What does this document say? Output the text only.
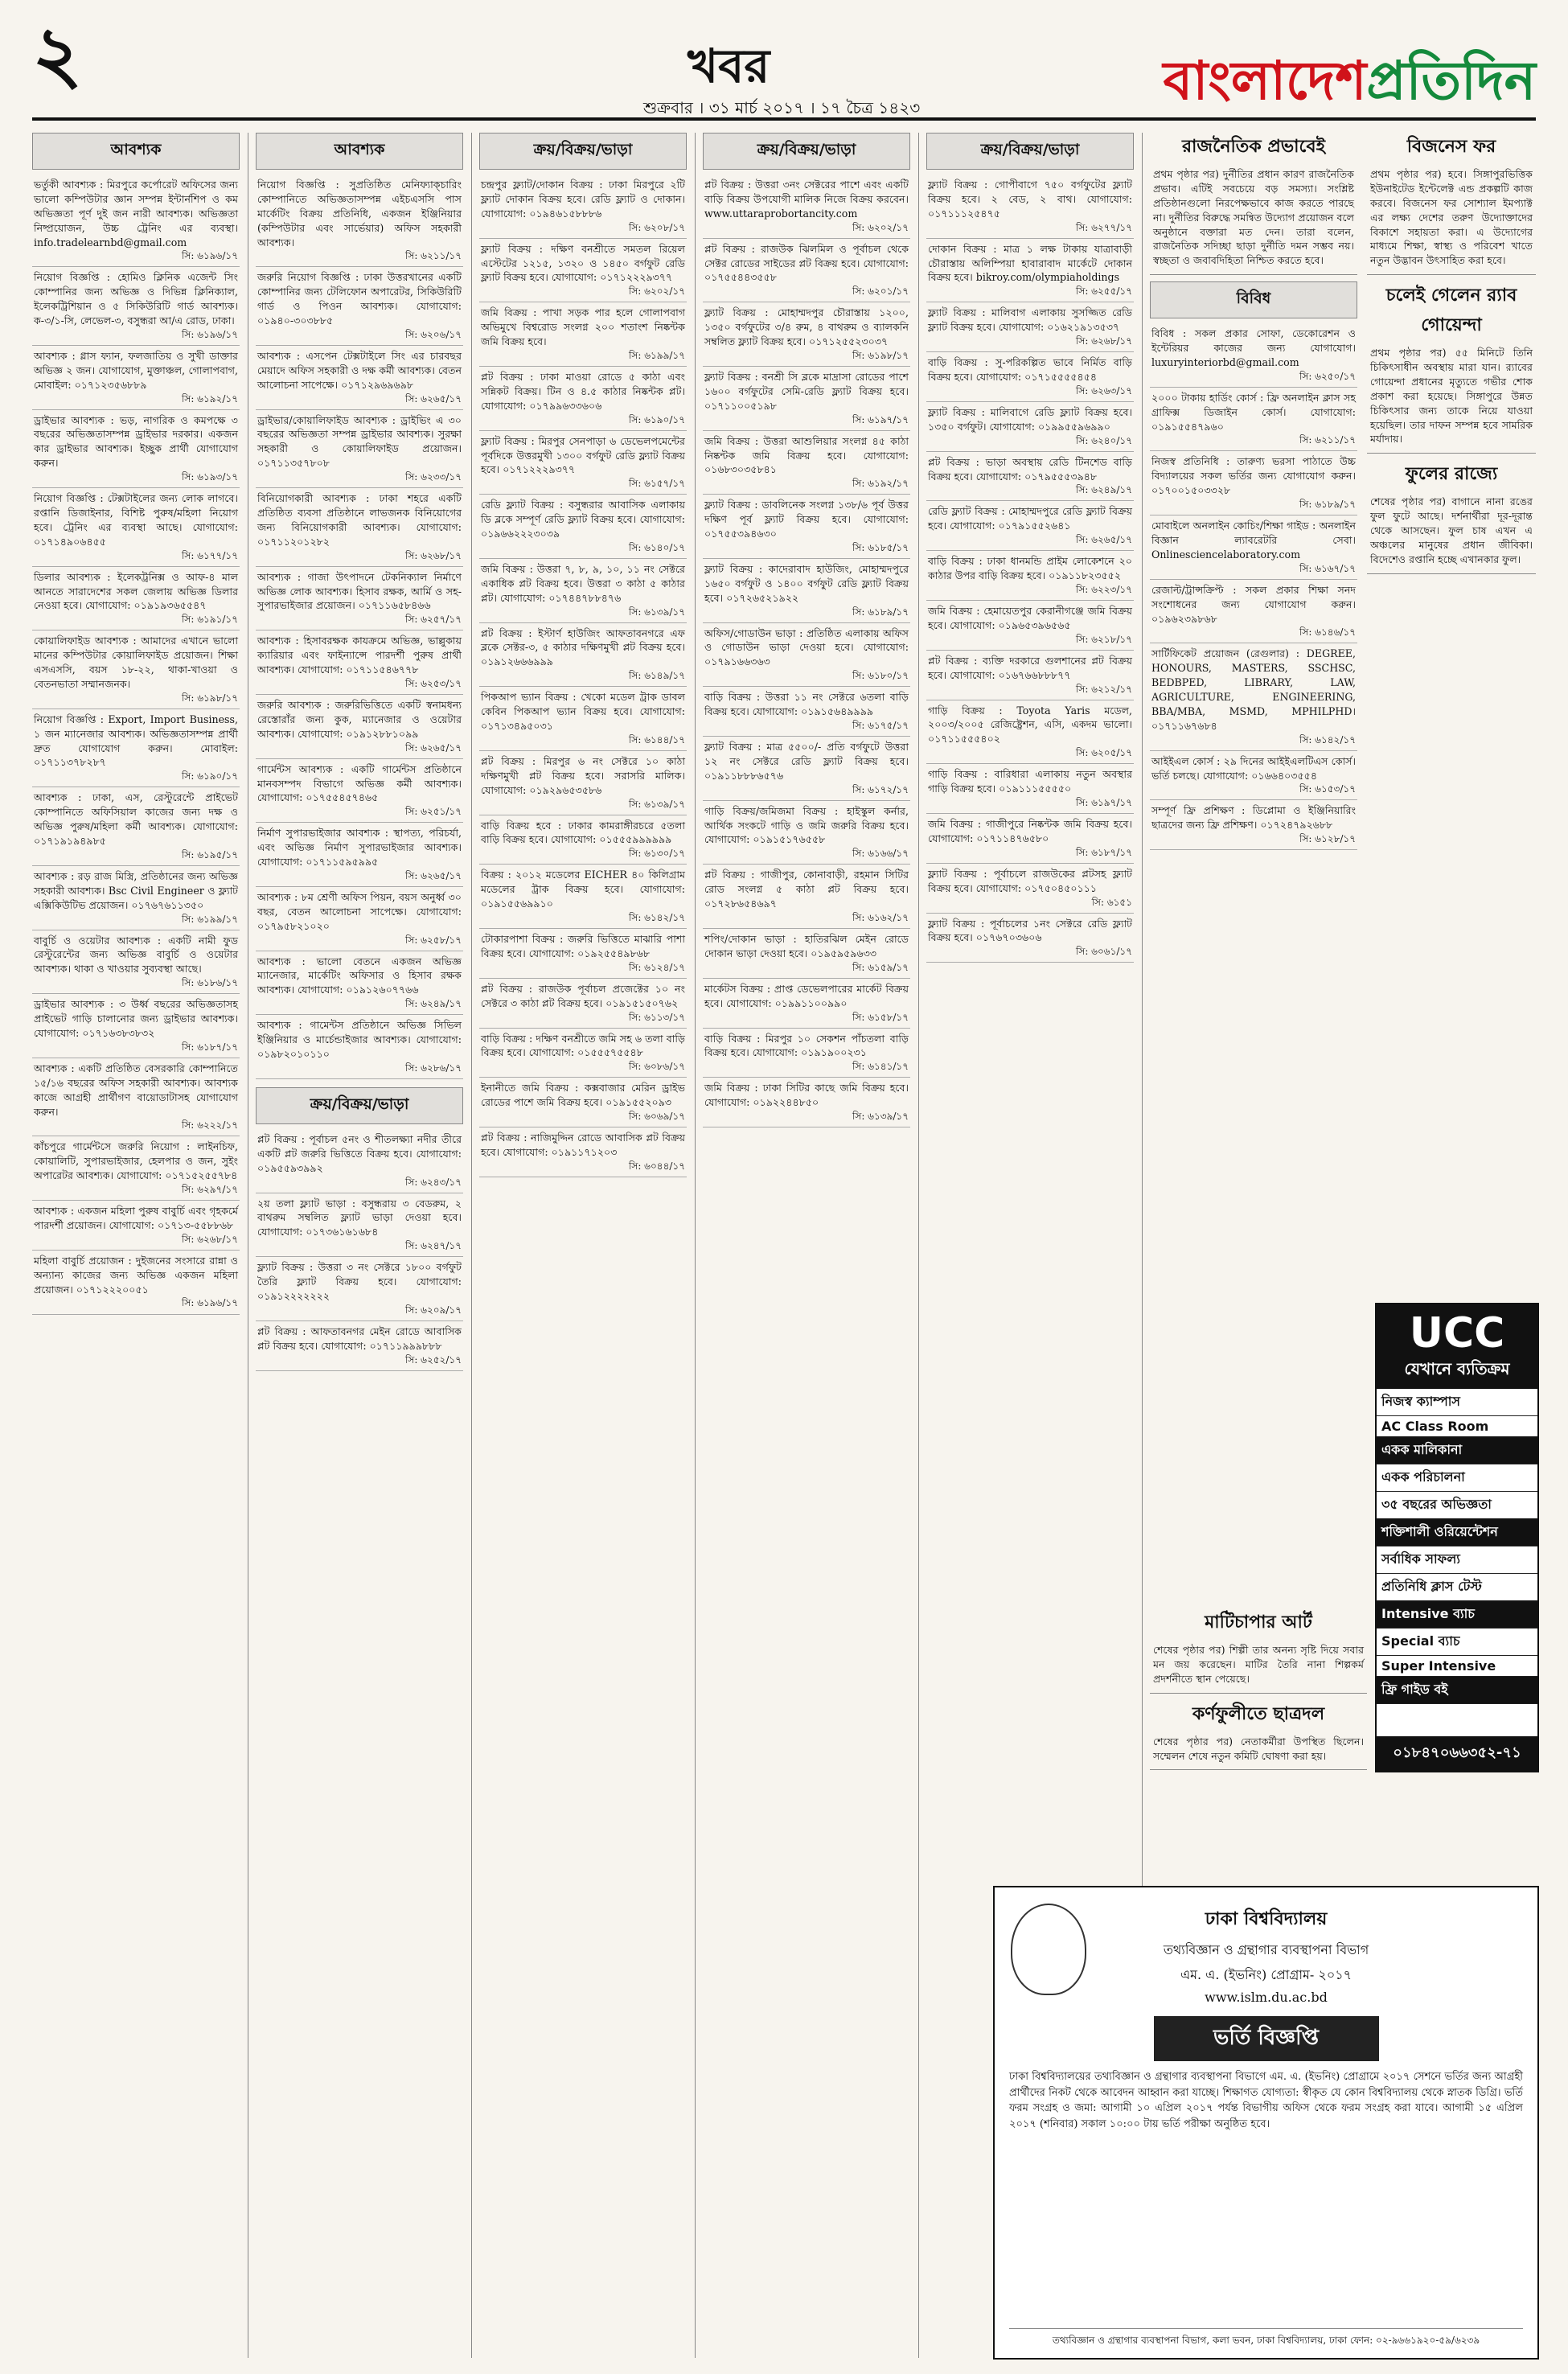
২	খবর
শুক্রবার । ৩১ মার্চ ২০১৭ । ১৭ চৈত্র ১৪২৩	বাংলাদেশপ্রতিদিন
আবশ্যক
ভর্তুকী আবশ্যক : মিরপুরে কর্পোরেট অফিসের জন্য ভালো কম্পিউটার জ্ঞান সম্পন্ন ইন্টার্নশিপ ও কম অভিজ্ঞতা পূর্ণ দুই জন নারী আবশ্যক। অভিজ্ঞতা নিষ্প্রয়োজন, উচ্চ ট্রেনিং এর ব্যবস্থা। info.tradelearnbd@gmail.com
সি: ৬১৯৬/১৭
নিয়োগ বিজ্ঞপ্তি : হোমিও ক্লিনিক এজেন্ট সিং কোম্পানির জন্য অভিজ্ঞ ও দিভিন্ন ক্লিনিক্যাল, ইলেকট্রিশিয়ান ও ৫ সিকিউরিটি গার্ড আবশ্যক। ক-৩/১-সি, লেভেল-৩, বসুন্ধরা আ/এ রোড, ঢাকা।
সি: ৬১৯৬/১৭
আবশ্যক : গ্লাস ফ্যান, ফলজাতিয় ও সুখী ডাক্তার অভিজ্ঞ ২ জন। যোগাযোগ, মুক্তাঞ্চল, গোলাপবাগ, মোবাইল: ০১৭১২৩৫৬৮৮৯
সি: ৬১৯২/১৭
ড্রাইভার আবশ্যক : ভড়, নাগরিক ও কমপক্ষে ৩ বছরের অভিজ্ঞতাসম্পন্ন ড্রাইভার দরকার। একজন কার ড্রাইভার আবশ্যক। ইচ্ছুক প্রার্থী যোগাযোগ করুন।
সি: ৬১৯৩/১৭
নিয়োগ বিজ্ঞপ্তি : টেক্সটাইলের জন্য লোক লাগবে। রপ্তানি ডিজাইনার, বিশিষ্ট পুরুষ/মহিলা নিয়োগ হবে। ট্রেনিং এর ব্যবস্থা আছে। যোগাযোগ: ০১৭১৪৯০৬৪৫৫
সি: ৬১৭৭/১৭
ডিলার আবশ্যক : ইলেকট্রনিক্স ও আফ-৪ মাল আনতে সারাদেশের সকল জেলায় অভিজ্ঞ ডিলার নেওয়া হবে। যোগাযোগ: ০১৯১৯৩৬৫৫৪৭
সি: ৬১৯১/১৭
কোয়ালিফাইড আবশ্যক : আমাদের এখানে ভালো মানের কম্পিউটার কোয়ালিফাইড প্রয়োজন। শিক্ষা এসএসসি, বয়স ১৮-২২, থাকা-খাওয়া ও বেতনভাতা সম্মানজনক।
সি: ৬১৯৮/১৭
নিয়োগ বিজ্ঞপ্তি : Export, Import Business, ১ জন ম্যানেজার আবশ্যক। অভিজ্ঞতাসম্পন্ন প্রার্থী দ্রুত যোগাযোগ করুন। মোবাইল: ০১৭১১৩৭৮২৮৭
সি: ৬১৯০/১৭
আবশ্যক : ঢাকা, এস, রেস্টুরেন্টে প্রাইভেট কোম্পানিতে অফিসিয়াল কাজের জন্য দক্ষ ও অভিজ্ঞ পুরুষ/মহিলা কর্মী আবশ্যক। যোগাযোগ: ০১৭১৯১৯৪৯৮৫
সি: ৬১৯৫/১৭
আবশ্যক : রড় রাজ মিস্ত্রি, প্রতিষ্ঠানের জন্য অভিজ্ঞ সহকারী আবশ্যক। Bsc Civil Engineer ও ফ্ল্যাট এক্সিকিউটিভ প্রয়োজন। ০১৭৬৭৬১১৩৫০
সি: ৬১৯৯/১৭
বাবুর্চি ও ওয়েটার আবশ্যক : একটি নামী ফুড রেস্টুরেন্টের জন্য অভিজ্ঞ বাবুর্চি ও ওয়েটার আবশ্যক। থাকা ও খাওয়ার সুব্যবস্থা আছে।
সি: ৬১৮৬/১৭
ড্রাইভার আবশ্যক : ৩ উর্ধ্ব বছরের অভিজ্ঞতাসহ প্রাইভেট গাড়ি চালানোর জন্য ড্রাইভার আবশ্যক। যোগাযোগ: ০১৭১৬৩৮৩৮৩২
সি: ৬১৮৭/১৭
আবশ্যক : একটি প্রতিষ্ঠিত বেসরকারি কোম্পানিতে ১৫/১৬ বছরের অফিস সহকারী আবশ্যক। আবশ্যক কাজে আগ্রহী প্রার্থীগণ বায়োডাটাসহ যোগাযোগ করুন।
সি: ৬২২২/১৭
কাঁচপুরে গার্মেন্টসে জরুরি নিয়োগ : লাইনচিফ, কোয়ালিটি, সুপারভাইজার, হেলপার ও জন, সুইং অপারেটর আবশ্যক। যোগাযোগ: ০১৭১৫২৫৫৭৮৪
সি: ৬২৯৭/১৭
আবশ্যক : একজন মহিলা পুরুষ বাবুর্চি এবং গৃহকর্মে পারদর্শী প্রয়োজন। যোগাযোগ: ০১৭১৩-৫৫৮৮৬৮
সি: ৬২৬৮/১৭
মহিলা বাবুর্চি প্রয়োজন : দুইজনের সংসারে রান্না ও অন্যান্য কাজের জন্য অভিজ্ঞ একজন মহিলা প্রয়োজন। ০১৭১২২২০০৫১
সি: ৬১৯৬/১৭
আবশ্যক
নিয়োগ বিজ্ঞপ্তি : সুপ্রতিষ্ঠিত মেনিফ্যাক্চারিং কোম্পানিতে অভিজ্ঞতাসম্পন্ন এইচএসসি পাস মার্কেটিং বিক্রয় প্রতিনিধি, একজন ইঞ্জিনিয়ার (কম্পিউটার এবং সার্ভেয়ার) অফিস সহকারী আবশ্যক।
সি: ৬২১১/১৭
জরুরি নিয়োগ বিজ্ঞপ্তি : ঢাকা উত্তরখানের একটি কোম্পানির জন্য টেলিফোন অপারেটর, সিকিউরিটি গার্ড ও পিওন আবশ্যক। যোগাযোগ: ০১৯৪০-৩০৩৮৮৫
সি: ৬২০৬/১৭
আবশ্যক : এসপেন টেক্সটাইলে সিং এর চারবছর মেয়াদে অফিস সহকারী ও দক্ষ কর্মী আবশ্যক। বেতন আলোচনা সাপেক্ষে। ০১৭১২৯৬৯৬৯৮
সি: ৬২৬৫/১৭
ড্রাইভার/কোয়ালিফাইড আবশ্যক : ড্রাইভিং এ ৩০ বছরের অভিজ্ঞতা সম্পন্ন ড্রাইভার আবশ্যক। সুরক্ষা সহকারী ও কোয়ালিফাইড প্রয়োজন। ০১৭১১৩৫৭৮০৮
সি: ৬২৩৩/১৭
বিনিয়োগকারী আবশ্যক : ঢাকা শহরে একটি প্রতিষ্ঠিত ব্যবসা প্রতিষ্ঠানে লাভজনক বিনিয়োগের জন্য বিনিয়োগকারী আবশ্যক। যোগাযোগ: ০১৭১১২০১২৮২
সি: ৬২৬৮/১৭
আবশ্যক : গাজা উৎপাদনে টেকনিক্যাল নির্মাণে অভিজ্ঞ লোক আবশ্যক। হিসাব রক্ষক, আর্মি ও সহ-সুপারভাইজার প্রয়োজন। ০১৭১১৬৫৮৪৬৬
সি: ৬২৫৭/১৭
আবশ্যক : হিসাবরক্ষক কাযক্রমে অভিজ্ঞ, ভাল্লুকায় ক্যারিয়ার এবং ফাইন্যান্সে পারদর্শী পুরুষ প্রার্থী আবশ্যক। যোগাযোগ: ০১৭১১৫৪৬৭৭৮
সি: ৬২৫৩/১৭
জরুরি আবশ্যক : জরুরিভিত্তিতে একটি স্বনামধন্য রেস্তোরাঁর জন্য কুক, ম্যানেজার ও ওয়েটার আবশ্যক। যোগাযোগ: ০১৯১২৮৮১০৯৯
সি: ৬২৬৫/১৭
গার্মেন্টস আবশ্যক : একটি গার্মেন্টস প্রতিষ্ঠানে মানবসম্পদ বিভাগে অভিজ্ঞ কর্মী আবশ্যক। যোগাযোগ: ০১৭৫৫৪৫৭৪৬৫
সি: ৬২৫১/১৭
নির্মাণ সুপারভাইজার আবশ্যক : স্থাপত্য, পরিচর্যা, এবং অভিজ্ঞ নির্মাণ সুপারভাইজার আবশ্যক। যোগাযোগ: ০১৭১১৫৯৫৯৯৫
সি: ৬২৬৫/১৭
আবশ্যক : ৮ম শ্রেণী অফিস পিয়ন, বয়স অনুর্ধ্ব ৩০ বছর, বেতন আলোচনা সাপেক্ষে। যোগাযোগ: ০১৭৯৫৮২১০২০
সি: ৬২৫৮/১৭
আবশ্যক : ভালো বেতনে একজন অভিজ্ঞ ম্যানেজার, মার্কেটিং অফিসার ও হিসাব রক্ষক আবশ্যক। যোগাযোগ: ০১৯১২৬০৭৭৬৬
সি: ৬২৪৯/১৭
আবশ্যক : গামেন্টস প্রতিষ্ঠানে অভিজ্ঞ সিভিল ইঞ্জিনিয়ার ও মার্চেন্ডাইজার আবশ্যক। যোগাযোগ: ০১৯৮২০১০১১০
সি: ৬২৮৬/১৭
ক্রয়/বিক্রয়/ভাড়া
প্লট বিক্রয় : পূর্বাচল ৫নং ও শীতলক্ষ্যা নদীর তীরে একটি প্লট জরুরি ভিত্তিতে বিক্রয় হবে। যোগাযোগ: ০১৯৫৫৯৩৯৯২
সি: ৬২৪৩/১৭
২য় তলা ফ্ল্যাট ভাড়া : বসুন্ধরায় ৩ বেডরুম, ২ বাথরুম সম্বলিত ফ্ল্যাট ভাড়া দেওয়া হবে। যোগাযোগ: ০১৭৩৬১৬১৬৮৪
সি: ৬২৪৭/১৭
ফ্ল্যাট বিক্রয় : উত্তরা ৩ নং সেক্টরে ১৮০০ বর্গফুট তৈরি ফ্ল্যাট বিক্রয় হবে। যোগাযোগ: ০১৯১২২২২২২২
সি: ৬২০৯/১৭
প্লট বিক্রয় : আফতাবনগর মেইন রোডে আবাসিক প্লট বিক্রয় হবে। যোগাযোগ: ০১৭১১৯৯৯৮৮৮
সি: ৬২৫২/১৭
ক্রয়/বিক্রয়/ভাড়া
চন্দ্রপুর ফ্ল্যাট/দোকান বিক্রয় : ঢাকা মিরপুরে ২টি ফ্ল্যাট দোকান বিক্রয় হবে। রেডি ফ্ল্যাট ও দোকান। যোগাযোগ: ০১৯৪৬১৫৮৮৮৬
সি: ৬২০৮/১৭
ফ্ল্যাট বিক্রয় : দক্ষিণ বনশ্রীতে সমতল রিয়েল এস্টেটের ১২১৫, ১৩২০ ও ১৪৫০ বর্গফুট রেডি ফ্ল্যাট বিক্রয় হবে। যোগাযোগ: ০১৭১২২২৯৩৭৭
সি: ৬২০২/১৭
জমি বিক্রয় : পাখা সড়ক পার হলে গোলাপবাগ অভিমুখে বিশ্বরোড সংলগ্ন ২০০ শতাংশ নিষ্কন্টক জমি বিক্রয় হবে।
সি: ৬১৯৯/১৭
প্লট বিক্রয় : ঢাকা মাওয়া রোডে ৫ কাঠা এবং সন্নিকট বিক্রয়। টিন ও ৪.৫ কাঠার নিষ্কন্টক প্লট। যোগাযোগ: ০১৭৯৯৬৩৩৬০৬
সি: ৬১৯০/১৭
ফ্ল্যাট বিক্রয় : মিরপুর সেনপাড়া ৬ ডেভেলপমেন্টের পূর্বদিকে উত্তরমুখী ১৩০০ বর্গফুট রেডি ফ্ল্যাট বিক্রয় হবে। ০১৭১২২২৯৩৭৭
সি: ৬১৫৭/১৭
রেডি ফ্ল্যাট বিক্রয় : বসুন্ধরার আবাসিক এলাকায় ডি ব্লকে সম্পূর্ণ রেডি ফ্ল্যাট বিক্রয় হবে। যোগাযোগ: ০১৯৬৬২২২৩০৩৯
সি: ৬১৪০/১৭
জমি বিক্রয় : উত্তরা ৭, ৮, ৯, ১০, ১১ নং সেক্টরে একাধিক প্লট বিক্রয় হবে। উত্তরা ৩ কাঠা ৫ কাঠার প্লট। যোগাযোগ: ০১৭৪৪৭৮৮৪৭৬
সি: ৬১৩৯/১৭
প্লট বিক্রয় : ইস্টার্ণ হাউজিং আফতাবনগরে এফ ব্লকে সেক্টর-৩, ৫ কাঠার দক্ষিণমুখী প্লট বিক্রয় হবে। ০১৯১২৬৬৬৯৯৯
সি: ৬১৪৯/১৭
পিকআপ ভ্যান বিক্রয় : খেকো মডেল ট্রাক ডাবল কেবিন পিকআপ ভ্যান বিক্রয় হবে। যোগাযোগ: ০১৭১৩৪৯৫০৩১
সি: ৬১৪৪/১৭
প্লট বিক্রয় : মিরপুর ৬ নং সেক্টরে ১০ কাঠা দক্ষিণমুখী প্লট বিক্রয় হবে। সরাসরি মালিক। যোগাযোগ: ০১৯২৯৬৫৩৫৮৬
সি: ৬১৩৯/১৭
বাড়ি বিক্রয় হবে : ঢাকার কামরাঙ্গীরচরে ৫তলা বাড়ি বিক্রয় হবে। যোগাযোগ: ০১৫৫৫৯৯৯৯৯৯
সি: ৬১৩০/১৭
বিক্রয় : ২০১২ মডেলের EICHER ৪০ কিলিগ্রাম মডেলের ট্রাক বিক্রয় হবে। যোগাযোগ: ০১৯১৫৫৬৯৯১০
সি: ৬১৪২/১৭
টোকারপাশা বিক্রয় : জরুরি ভিত্তিতে মাঝারি পাশা বিক্রয় হবে। যোগাযোগ: ০১৯২৫৫৪৯৮৬৮
সি: ৬১২৪/১৭
প্লট বিক্রয় : রাজউক পূর্বাচল প্রজেক্টের ১০ নং সেক্টরে ৩ কাঠা প্লট বিক্রয় হবে। ০১৯১৫১৫০৭৬২
সি: ৬১১৩/১৭
বাড়ি বিক্রয় : দক্ষিণ বনশ্রীতে জমি সহ ৬ তলা বাড়ি বিক্রয় হবে। যোগাযোগ: ০১৫৫৫৭৫৫৪৮
সি: ৬০৮৬/১৭
ইনানীতে জমি বিক্রয় : কক্সবাজার মেরিন ড্রাইভ রোডের পাশে জমি বিক্রয় হবে। ০১৯১৫৫২০৯৩
সি: ৬০৬৯/১৭
প্লট বিক্রয় : নাজিমুদ্দিন রোডে আবাসিক প্লট বিক্রয় হবে। যোগাযোগ: ০১৯১১৭১২০৩
সি: ৬০৪৪/১৭
ক্রয়/বিক্রয়/ভাড়া
প্লট বিক্রয় : উত্তরা ৩নং সেক্টরের পাশে এবং একটি বাড়ি বিক্রয় উপযোগী মালিক নিজে বিক্রয় করবেন। www.uttaraprobortancity.com
সি: ৬২০২/১৭
প্লট বিক্রয় : রাজউক ঝিলমিল ও পূর্বাচল থেকে সেক্টর রোডের সাইডের প্লট বিক্রয় হবে। যোগাযোগ: ০১৭৫৫৪৪৩৫৫৮
সি: ৬২০১/১৭
ফ্ল্যাট বিক্রয় : মোহাম্মদপুর চৌরাস্তায় ১২০০, ১৩৫০ বর্গফুটের ৩/৪ রুম, ৪ বাথরুম ও ব্যালকনি সম্বলিত ফ্ল্যাট বিক্রয় হবে। ০১৭১২৫৫২৩০৩৭
সি: ৬১৯৮/১৭
ফ্ল্যাট বিক্রয় : বনশ্রী সি ব্লকে মাদ্রাসা রোডের পাশে ১৬০০ বর্গফুটের সেমি-রেডি ফ্ল্যাট বিক্রয় হবে। ০১৭১১০০৫১৯৮
সি: ৬১৯৭/১৭
জমি বিক্রয় : উত্তরা আশুলিয়ার সংলগ্ন ৪৫ কাঠা নিষ্কন্টক জমি বিক্রয় হবে। যোগাযোগ: ০১৬৮৩০৩৫৮৪১
সি: ৬১৯২/১৭
ফ্ল্যাট বিক্রয় : ডাবলিনেক সংলগ্ন ১৩৮/৬ পূর্ব উত্তর দক্ষিণ পূর্ব ফ্ল্যাট বিক্রয় হবে। যোগাযোগ: ০১৭৫৫৩৯৪৬৩০
সি: ৬১৮৫/১৭
ফ্ল্যাট বিক্রয় : কাদেরাবাদ হাউজিং, মোহাম্মদপুরে ১৬৫০ বর্গফুট ও ১৪০০ বর্গফুট রেডি ফ্ল্যাট বিক্রয় হবে। ০১৭২৬৫২১৯২২
সি: ৬১৮৯/১৭
অফিস/গোডাউন ভাড়া : প্রতিষ্ঠিত এলাকায় অফিস ও গোডাউন ভাড়া দেওয়া হবে। যোগাযোগ: ০১৭৯১৬৬৩৬৩
সি: ৬১৮০/১৭
বাড়ি বিক্রয় : উত্তরা ১১ নং সেক্টরে ৬তলা বাড়ি বিক্রয় হবে। যোগাযোগ: ০১৯১৫৬৪৯৯৯৯
সি: ৬১৭৫/১৭
ফ্ল্যাট বিক্রয় : মাত্র ৫৫০০/- প্রতি বর্গফুটে উত্তরা ১২ নং সেক্টরে রেডি ফ্ল্যাট বিক্রয় হবে। ০১৯১১৮৮৮৬৫৭৬
সি: ৬১৭২/১৭
গাড়ি বিক্রয়/জমিজমা বিক্রয় : হাইস্কুল কর্নার, আর্থিক সংকটে গাড়ি ও জমি জরুরি বিক্রয় হবে। যোগাযোগ: ০১৯১৫১৭৬৫৫৮
সি: ৬১৬৬/১৭
প্লট বিক্রয় : গাজীপুর, কোনাবাড়ী, রহমান সিটির রোড সংলগ্ন ৫ কাঠা প্লট বিক্রয় হবে। ০১৭২৮৬৫৪৬৯৭
সি: ৬১৬২/১৭
শপিং/দোকান ভাড়া : হাতিরঝিল মেইন রোডে দোকান ভাড়া দেওয়া হবে। ০১৯৫৯৫৯৬৩৩
সি: ৬১৫৯/১৭
মার্কেটস বিক্রয় : প্রাপ্ত ডেভেলপারের মার্কেট বিক্রয় হবে। যোগাযোগ: ০১৯৯১১০০৯৯০
সি: ৬১৫৮/১৭
বাড়ি বিক্রয় : মিরপুর ১০ সেকশন পাঁচতলা বাড়ি বিক্রয় হবে। যোগাযোগ: ০১৯১৯০০২৩১
সি: ৬১৪১/১৭
জমি বিক্রয় : ঢাকা সিটির কাছে জমি বিক্রয় হবে। যোগাযোগ: ০১৯২২৪৪৮৫০
সি: ৬১৩৯/১৭
ক্রয়/বিক্রয়/ভাড়া
ফ্ল্যাট বিক্রয় : গোপীবাগে ৭৫০ বর্গফুটের ফ্ল্যাট বিক্রয় হবে। ২ বেড, ২ বাথ। যোগাযোগ: ০১৭১১১২৫৪৭৫
সি: ৬২৭৭/১৭
দোকান বিক্রয় : মাত্র ১ লক্ষ টাকায় যাত্রাবাড়ী চৌরাস্তায় অলিম্পিয়া হাবারাবাদ মার্কেটে দোকান বিক্রয় হবে। bikroy.com/olympiaholdings
সি: ৬২৫৫/১৭
ফ্ল্যাট বিক্রয় : মালিবাগ এলাকায় সুসজ্জিত রেডি ফ্ল্যাট বিক্রয় হবে। যোগাযোগ: ০১৬২১৯১৩৫৩৭
সি: ৬২৬৮/১৭
বাড়ি বিক্রয় : সু-পরিকল্পিত ভাবে নির্মিত বাড়ি বিক্রয় হবে। যোগাযোগ: ০১৭১৫৫৫৫৪৫৪
সি: ৬২৬৩/১৭
ফ্ল্যাট বিক্রয় : মালিবাগে রেডি ফ্ল্যাট বিক্রয় হবে। ১৩৫০ বর্গফুট। যোগাযোগ: ০১৯৯৫৫৯৬৯৯০
সি: ৬২৪০/১৭
প্লট বিক্রয় : ভাড়া অবস্থায় রেডি টিনশেড বাড়ি বিক্রয় হবে। যোগাযোগ: ০১৭৯৫৫৫৩৯৪৮
সি: ৬২৪৯/১৭
রেডি ফ্ল্যাট বিক্রয় : মোহাম্মদপুরে রেডি ফ্ল্যাট বিক্রয় হবে। যোগাযোগ: ০১৭৯১৫৫২৬৪১
সি: ৬২৬৫/১৭
বাড়ি বিক্রয় : ঢাকা ধানমন্ডি প্রাইম লোকেশনে ২০ কাঠার উপর বাড়ি বিক্রয় হবে। ০১৯১১৮২৩৫৫২
সি: ৬২২৩/১৭
জমি বিক্রয় : হেমায়েতপুর কেরানীগঞ্জে জমি বিক্রয় হবে। যোগাযোগ: ০১৯৬৫৩৯৬৫৬৫
সি: ৬২১৮/১৭
প্লট বিক্রয় : ব্যক্তি দরকারে গুলশানের প্লট বিক্রয় হবে। যোগাযোগ: ০১৬৭৬৬৮৮৮৭৭
সি: ৬২১২/১৭
গাড়ি বিক্রয় : Toyota Yaris মডেল, ২০০৩/২০০৫ রেজিষ্ট্রেশন, এসি, একদম ভালো। ০১৭১১৫৫৫৪০২
সি: ৬২০৫/১৭
গাড়ি বিক্রয় : বারিধারা এলাকায় নতুন অবস্থার গাড়ি বিক্রয় হবে। ০১৯১১১৫৫৫৫০
সি: ৬১৯৭/১৭
জমি বিক্রয় : গাজীপুরে নিষ্কন্টক জমি বিক্রয় হবে। যোগাযোগ: ০১৭১১৪৭৬৫৮০
সি: ৬১৮৭/১৭
ফ্ল্যাট বিক্রয় : পূর্বাচলে রাজউকের প্লটসহ ফ্ল্যাট বিক্রয় হবে। যোগাযোগ: ০১৭৫০৪৫০১১১
সি: ৬১৫১
ফ্ল্যাট বিক্রয় : পূর্বাচলের ১নং সেক্টরে রেডি ফ্ল্যাট বিক্রয় হবে। ০১৭৬৭০৩৬০৬
সি: ৬০৬১/১৭
রাজনৈতিক প্রভাবেই
প্রথম পৃষ্ঠার পর) দুর্নীতির প্রধান কারণ রাজনৈতিক প্রভাব। এটিই সবচেয়ে বড় সমস্যা। সংশ্লিষ্ট প্রতিষ্ঠানগুলো নিরপেক্ষভাবে কাজ করতে পারছে না। দুর্নীতির বিরুদ্ধে সমন্বিত উদ্যোগ প্রয়োজন বলে অনুষ্ঠানে বক্তারা মত দেন। তারা বলেন, রাজনৈতিক সদিচ্ছা ছাড়া দুর্নীতি দমন সম্ভব নয়। স্বচ্ছতা ও জবাবদিহিতা নিশ্চিত করতে হবে।
বিবিধ
বিবিধ : সকল প্রকার সোফা, ডেকোরেশন ও ইন্টেরিয়র কাজের জন্য যোগাযোগ। luxuryinteriorbd@gmail.com
সি: ৬২৫০/১৭
২০০০ টাকায় হার্ডিং কোর্স : ফ্রি অনলাইন ক্লাস সহ গ্রাফিক্স ডিজাইন কোর্স। যোগাযোগ: ০১৯১৫৫৪৭৯৬০
সি: ৬২১১/১৭
নিজস্ব প্রতিনিধি : তারুণ্য ভরসা পাঠাতে উচ্চ বিদ্যালয়ের সকল ভর্তির জন্য যোগাযোগ করুন। ০১৭০০১৫০৩৩২৮
সি: ৬১৮৯/১৭
মোবাইলে অনলাইন কোচিং/শিক্ষা গাইড : অনলাইন বিজ্ঞান ল্যাবরেটরি সেবা। Onlinesciencelaboratory.com
সি: ৬১৬৭/১৭
রেজাল্ট/ট্রান্সক্রিপ্ট : সকল প্রকার শিক্ষা সনদ সংশোধনের জন্য যোগাযোগ করুন। ০১৯৬২৩৯৮৬৮
সি: ৬১৪৬/১৭
সার্টিফিকেট প্রয়োজন (রেগুলার) : DEGREE, HONOURS, MASTERS, SSCHSC, BEDBPED, LIBRARY, LAW, AGRICULTURE, ENGINEERING, BBA/MBA, MSMD, MPHILPHD। ০১৭১১৬৭৬৮৪
সি: ৬১৪২/১৭
আইইএল কোর্স : ২৯ দিনের আইইএলটিএস কোর্স। ভর্তি চলছে। যোগাযোগ: ০১৬৬৪০৩৫৫৪
সি: ৬১৫৩/১৭
সম্পূর্ণ ফ্রি প্রশিক্ষণ : ডিপ্লোমা ও ইঞ্জিনিয়ারিং ছাত্রদের জন্য ফ্রি প্রশিক্ষণ। ০১৭২৪৭৯২৬৮৮
সি: ৬১২৮/১৭
বিজনেস ফর
প্রথম পৃষ্ঠার পর) হবে। সিঙ্গাপুরভিত্তিক ইউনাইটেড ইন্টেলেক্ট এন্ড প্রকল্পটি কাজ করবে। বিজনেস ফর সোশ্যাল ইমপ্যাক্ট এর লক্ষ্য দেশের তরুণ উদ্যোক্তাদের বিকাশে সহায়তা করা। এ উদ্যোগের মাধ্যমে শিক্ষা, স্বাস্থ্য ও পরিবেশ খাতে নতুন উদ্ভাবন উৎসাহিত করা হবে।
চলেই গেলেন র‍্যাব গোয়েন্দা
প্রথম পৃষ্ঠার পর) ৫৫ মিনিটে তিনি চিকিৎসাধীন অবস্থায় মারা যান। র‍্যাবের গোয়েন্দা প্রধানের মৃত্যুতে গভীর শোক প্রকাশ করা হয়েছে। সিঙ্গাপুরে উন্নত চিকিৎসার জন্য তাকে নিয়ে যাওয়া হয়েছিল। তার দাফন সম্পন্ন হবে সামরিক মর্যাদায়।
ফুলের রাজ্যে
শেষের পৃষ্ঠার পর) বাগানে নানা রঙের ফুল ফুটে আছে। দর্শনার্থীরা দূর-দূরান্ত থেকে আসছেন। ফুল চাষ এখন এ অঞ্চলের মানুষের প্রধান জীবিকা। বিদেশেও রপ্তানি হচ্ছে এখানকার ফুল।
মাটিচাপার আর্ট
শেষের পৃষ্ঠার পর) শিল্পী তার অনন্য সৃষ্টি দিয়ে সবার মন জয় করেছেন। মাটির তৈরি নানা শিল্পকর্ম প্রদর্শনীতে স্থান পেয়েছে।
কর্ণফুলীতে ছাত্রদল
শেষের পৃষ্ঠার পর) নেতাকর্মীরা উপস্থিত ছিলেন। সম্মেলন শেষে নতুন কমিটি ঘোষণা করা হয়।
UCC
যেখানে ব্যতিক্রম
নিজস্ব ক্যাম্পাস
AC Class Room
একক মালিকানা
একক পরিচালনা
৩৫ বছরের অভিজ্ঞতা
শক্তিশালী ওরিয়েন্টেশন
সর্বাধিক সাফল্য
প্রতিনিধি ক্লাস টেস্ট
Intensive ব্যাচ
Special ব্যাচ
Super Intensive
ফ্রি গাইড বই
০১৮৪৭০৬৬৩৫২-৭১
ঢাকা বিশ্ববিদ্যালয়
তথ্যবিজ্ঞান ও গ্রন্থাগার ব্যবস্থাপনা বিভাগ
এম. এ. (ইভনিং) প্রোগ্রাম- ২০১৭
www.islm.du.ac.bd
ভর্তি বিজ্ঞপ্তি
ঢাকা বিশ্ববিদ্যালয়ের তথ্যবিজ্ঞান ও গ্রন্থাগার ব্যবস্থাপনা বিভাগে এম. এ. (ইভনিং) প্রোগ্রামে ২০১৭ সেশনে ভর্তির জন্য আগ্রহী প্রার্থীদের নিকট থেকে আবেদন আহ্বান করা যাচ্ছে। শিক্ষাগত যোগ্যতা: স্বীকৃত যে কোন বিশ্ববিদ্যালয় থেকে স্নাতক ডিগ্রি। ভর্তি ফরম সংগ্রহ ও জমা: আগামী ১০ এপ্রিল ২০১৭ পর্যন্ত বিভাগীয় অফিস থেকে ফরম সংগ্রহ করা যাবে। আগামী ১৫ এপ্রিল ২০১৭ (শনিবার) সকাল ১০:০০ টায় ভর্তি পরীক্ষা অনুষ্ঠিত হবে।
তথ্যবিজ্ঞান ও গ্রন্থাগার ব্যবস্থাপনা বিভাগ, কলা ভবন, ঢাকা বিশ্ববিদ্যালয়, ঢাকা ফোন: ০২-৯৬৬১৯২০-৫৯/৬২৩৯
